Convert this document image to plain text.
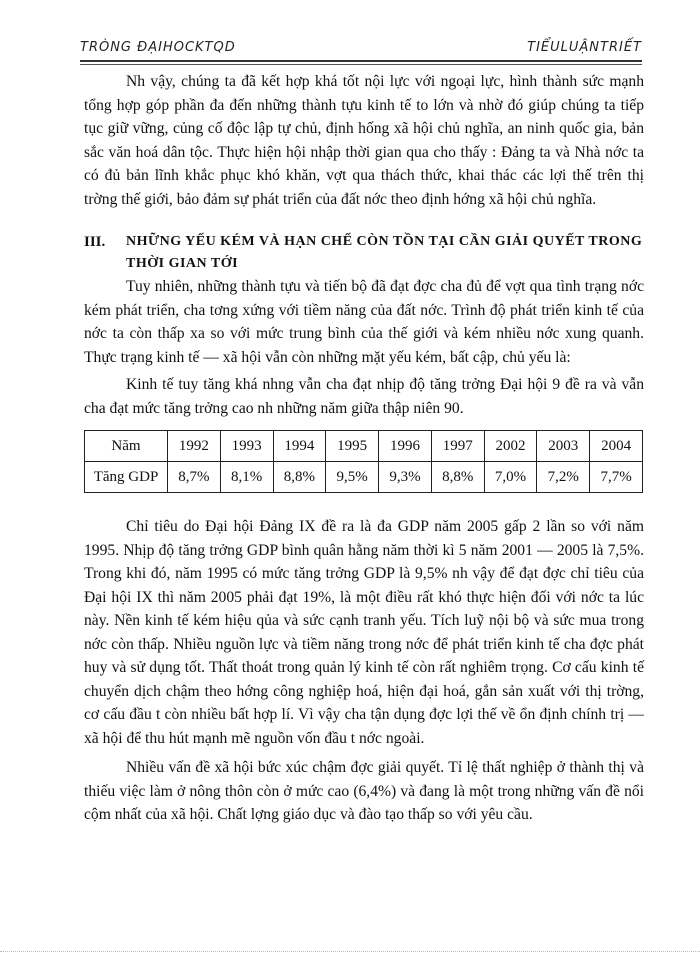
TRÒNG ĐẠIHOCKTQD	TIỂULUẬNTRIẾT

Nh vậy, chúng ta đã kết hợp khá tốt nội lực với ngoại lực, hình thành sức mạnh tổng hợp góp phần đa đến những thành tựu kinh tế to lớn và nhờ đó giúp chúng ta tiếp tục giữ vững, củng cố độc lập tự chủ, định hống xã hội chủ nghĩa, an ninh quốc gia, bản sắc văn hoá dân tộc. Thực hiện hội nhập thời gian qua cho thấy : Đảng ta và Nhà nớc ta có đủ bản lĩnh khắc phục khó khăn, vợt qua thách thức, khai thác các lợi thế trên thị trờng thế giới, bảo đảm sự phát triển của đất nớc theo định hớng xã hội chủ nghĩa.

III.	NHỮNG YẾU KÉM VÀ HẠN CHẾ CÒN TỒN TẠI CẦN GIẢI QUYẾT TRONG THỜI GIAN TỚI

Tuy nhiên, những thành tựu và tiến bộ đã đạt đợc cha đủ để vợt qua tình trạng nớc kém phát triển, cha tơng xứng với tiềm năng của đất nớc. Trình độ phát triển kinh tế của nớc ta còn thấp xa so với mức trung bình của thế giới và kém nhiều nớc xung quanh. Thực trạng kinh tế — xã hội vẫn còn những mặt yếu kém, bất cập, chủ yếu là:

Kinh tế tuy tăng khá nhng vẫn cha đạt nhịp độ tăng trởng Đại hội 9 đề ra và vẫn cha đạt mức tăng trởng cao nh những năm giữa thập niên 90.

Năm	1992	1993	1994	1995	1996	1997	2002	2003	2004
Tăng GDP	8,7%	8,1%	8,8%	9,5%	9,3%	8,8%	7,0%	7,2%	7,7%

Chỉ tiêu do Đại hội Đảng IX đề ra là đa GDP năm 2005 gấp 2 lần so với năm 1995. Nhịp độ tăng trởng GDP bình quân hằng năm thời kì 5 năm 2001 — 2005 là 7,5%. Trong khi đó, năm 1995 có mức tăng trởng GDP là 9,5% nh vậy để đạt đợc chỉ tiêu của Đại hội IX thì năm 2005 phải đạt 19%, là một điều rất khó thực hiện đối với nớc ta lúc này. Nền kinh tế kém hiệu qủa và sức cạnh tranh yếu. Tích luỹ nội bộ và sức mua trong nớc còn thấp. Nhiều nguồn lực và tiềm năng trong nớc để phát triển kinh tế cha đợc phát huy và sử dụng tốt. Thất thoát trong quản lý kinh tế còn rất nghiêm trọng. Cơ cấu kinh tế chuyển dịch chậm theo hớng công nghiệp hoá, hiện đại hoá, gắn sản xuất với thị trờng, cơ cấu đầu t còn nhiều bất hợp lí. Vì vậy cha tận dụng đợc lợi thế về ổn định chính trị — xã hội để thu hút mạnh mẽ nguồn vốn đầu t nớc ngoài.

Nhiều vấn đề xã hội bức xúc chậm đợc giải quyết. Tỉ lệ thất nghiệp ở thành thị và thiếu việc làm ở nông thôn còn ở mức cao (6,4%) và đang là một trong những vấn đề nổi cộm nhất của xã hội. Chất lợng giáo dục và đào tạo thấp so với yêu cầu.
